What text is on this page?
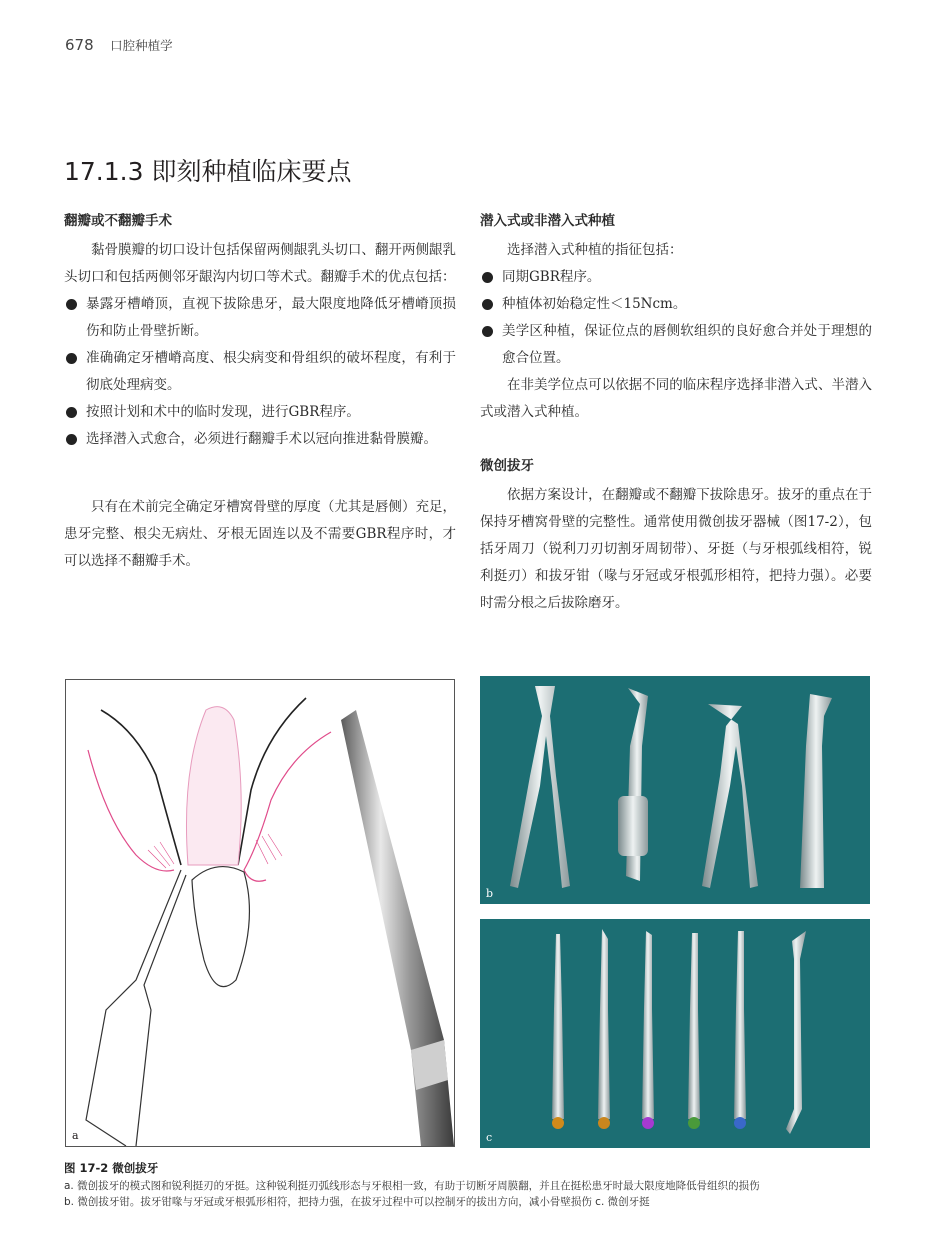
678 口腔种植学
17.1.3 即刻种植临床要点
翻瓣或不翻瓣手术

黏骨膜瓣的切口设计包括保留两侧龈乳头切口、翻开两侧龈乳头切口和包括两侧邻牙龈沟内切口等术式。翻瓣手术的优点包括：

暴露牙槽嵴顶，直视下拔除患牙，最大限度地降低牙槽嵴顶损伤和防止骨壁折断。
准确确定牙槽嵴高度、根尖病变和骨组织的破坏程度，有利于彻底处理病变。
按照计划和术中的临时发现，进行GBR程序。
选择潜入式愈合，必须进行翻瓣手术以冠向推进黏骨膜瓣。

只有在术前完全确定牙槽窝骨壁的厚度（尤其是唇侧）充足，患牙完整、根尖无病灶、牙根无固连以及不需要GBR程序时，才可以选择不翻瓣手术。

潜入式或非潜入式种植

选择潜入式种植的指征包括：

同期GBR程序。
种植体初始稳定性＜15Ncm。
美学区种植，保证位点的唇侧软组织的良好愈合并处于理想的愈合位置。

在非美学位点可以依据不同的临床程序选择非潜入式、半潜入式或潜入式种植。

微创拔牙

依据方案设计，在翻瓣或不翻瓣下拔除患牙。拔牙的重点在于保持牙槽窝骨壁的完整性。通常使用微创拔牙器械（图17-2），包括牙周刀（锐利刀刃切割牙周韧带）、牙挺（与牙根弧线相符，锐利挺刃）和拔牙钳（喙与牙冠或牙根弧形相符，把持力强）。必要时需分根之后拔除磨牙。

a
b
c
图 17-2 微创拔牙
a. 微创拔牙的模式图和锐利挺刃的牙挺。这种锐利挺刃弧线形态与牙根相一致，有助于切断牙周膜翻，并且在挺松患牙时最大限度地降低骨组织的损伤
b. 微创拔牙钳。拔牙钳喙与牙冠或牙根弧形相符，把持力强，在拔牙过程中可以控制牙的拔出方向，减小骨壁损伤 c. 微创牙挺
